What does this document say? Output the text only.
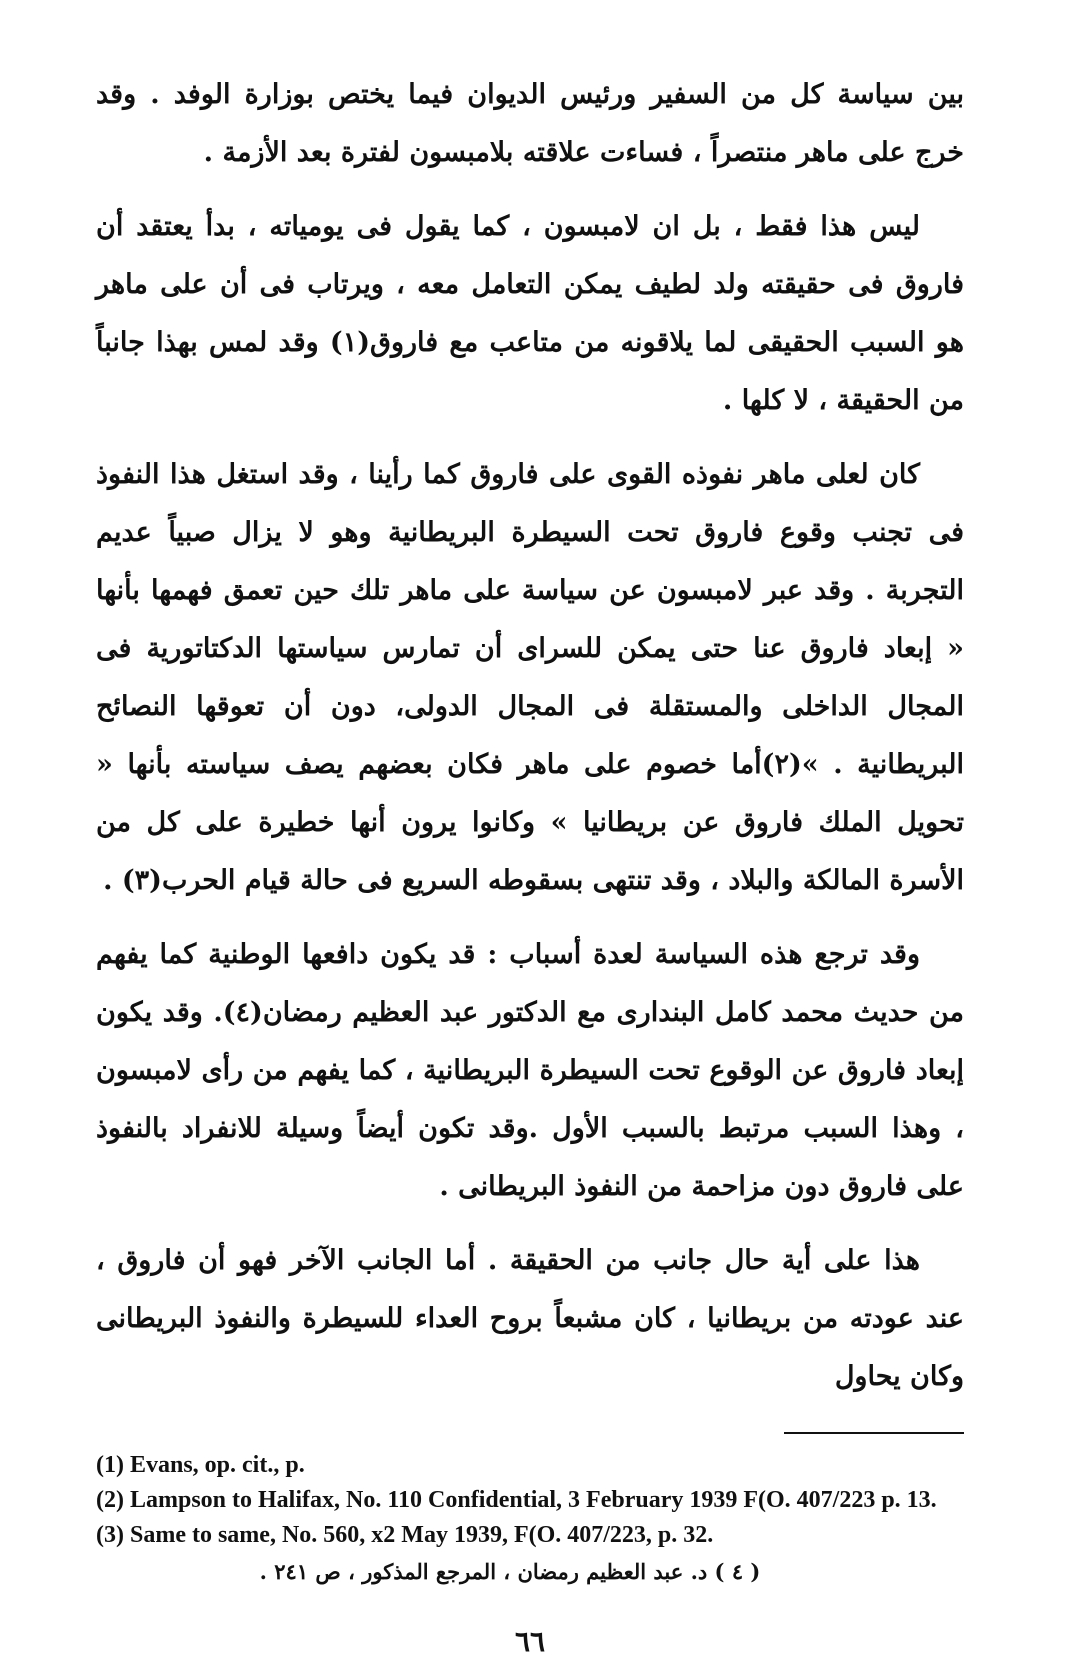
بين سياسة كل من السفير ورئيس الديوان فيما يختص بوزارة الوفد . وقد خرج على ماهر منتصراً ، فساءت علاقته بلامبسون لفترة بعد الأزمة .

ليس هذا فقط ، بل ان لامبسون ، كما يقول فى يومياته ، بدأ يعتقد أن فاروق فى حقيقته ولد لطيف يمكن التعامل معه ، ويرتاب فى أن على ماهر هو السبب الحقيقى لما يلاقونه من متاعب مع فاروق(١) وقد لمس بهذا جانباً من الحقيقة ، لا كلها .

كان لعلى ماهر نفوذه القوى على فاروق كما رأينا ، وقد استغل هذا النفوذ فى تجنب وقوع فاروق تحت السيطرة البريطانية وهو لا يزال صبياً عديم التجربة . وقد عبر لامبسون عن سياسة على ماهر تلك حين تعمق فهمها بأنها « إبعاد فاروق عنا حتى يمكن للسراى أن تمارس سياستها الدكتاتورية فى المجال الداخلى والمستقلة فى المجال الدولى، دون أن تعوقها النصائح البريطانية . »(٢)أما خصوم على ماهر فكان بعضهم يصف سياسته بأنها « تحويل الملك فاروق عن بريطانيا » وكانوا يرون أنها خطيرة على كل من الأسرة المالكة والبلاد ، وقد تنتهى بسقوطه السريع فى حالة قيام الحرب(٣) .

وقد ترجع هذه السياسة لعدة أسباب : قد يكون دافعها الوطنية كما يفهم من حديث محمد كامل البندارى مع الدكتور عبد العظيم رمضان(٤). وقد يكون إبعاد فاروق عن الوقوع تحت السيطرة البريطانية ، كما يفهم من رأى لامبسون ، وهذا السبب مرتبط بالسبب الأول .وقد تكون أيضاً وسيلة للانفراد بالنفوذ على فاروق دون مزاحمة من النفوذ البريطانى .

هذا على أية حال جانب من الحقيقة . أما الجانب الآخر فهو أن فاروق ، عند عودته من بريطانيا ، كان مشبعاً بروح العداء للسيطرة والنفوذ البريطانى وكان يحاول

(1) Evans, op. cit., p.
(2) Lampson to Halifax, No. 110 Confidential, 3 February 1939 F(O. 407/223 p. 13.
(3) Same to same, No. 560, x2 May 1939, F(O. 407/223, p. 32.
( ٤ ) د. عبد العظيم رمضان ، المرجع المذكور ، ص ٢٤١ .
٦٦
